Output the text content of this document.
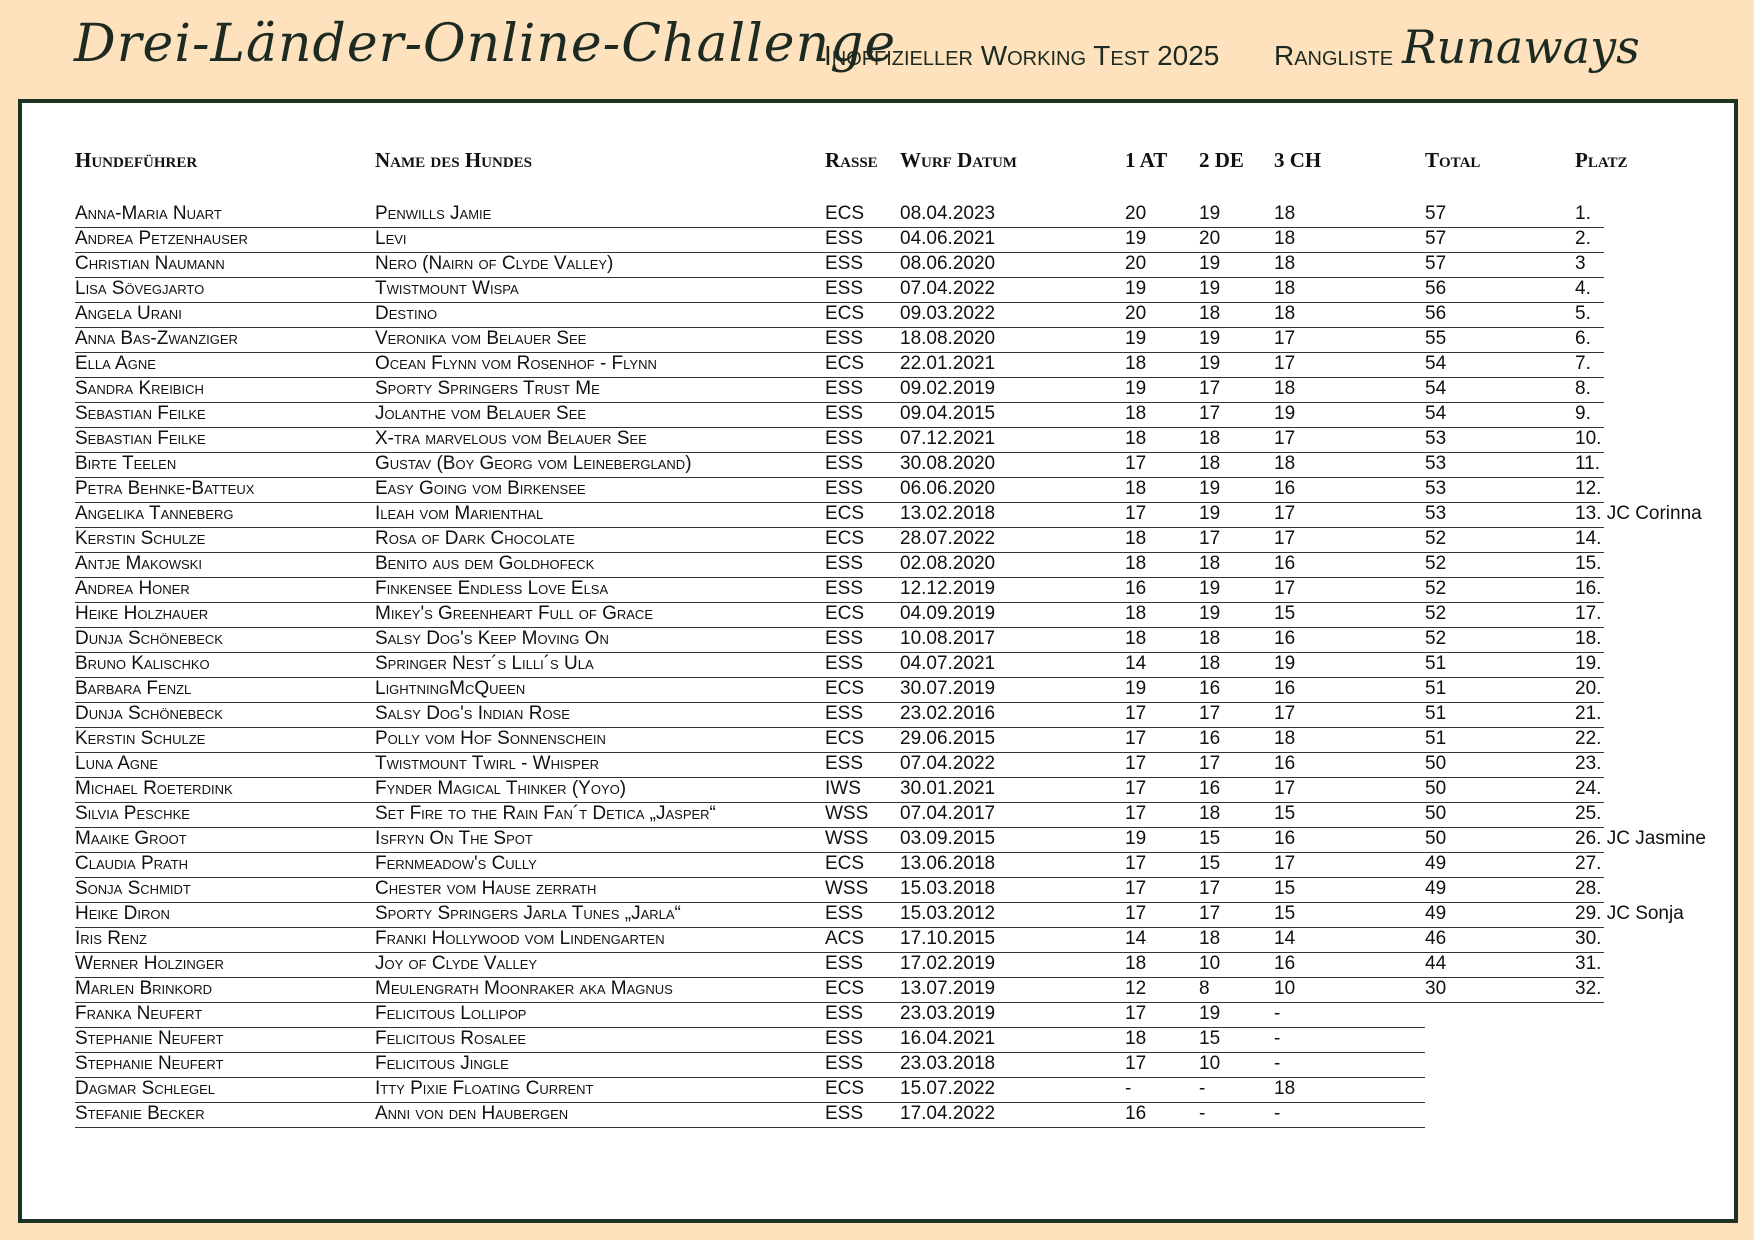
Drei-Länder-Online-Challenge
Inoffizieller Working Test 2025 Rangliste Runaways
Hundeführer	Name des Hundes	Rasse Wurf Datum	1 AT 2 DE 3 CH	Total	Platz
Anna-Maria Nuart	Penwills Jamie	ECS 08.04.2023	20	19	18	57	1.
Andrea Petzenhauser	Levi	ESS 04.06.2021	19	20	18	57	2.
Christian Naumann	Nero (Nairn of Clyde Valley)	ESS 08.06.2020	20	19	18	57	3
Lisa Sövegjarto	Twistmount Wispa	ESS 07.04.2022	19	19	18	56	4.
Angela Urani	Destino	ECS 09.03.2022	20	18	18	56	5.
Anna Bas-Zwanziger	Veronika vom Belauer See	ESS 18.08.2020	19	19	17	55	6.
Ella Agne	Ocean Flynn vom Rosenhof - Flynn	ECS 22.01.2021	18	19	17	54	7.
Sandra Kreibich	Sporty Springers Trust Me	ESS 09.02.2019	19	17	18	54	8.
Sebastian Feilke	Jolanthe vom Belauer See	ESS 09.04.2015	18	17	19	54	9.
Sebastian Feilke	X-tra marvelous vom Belauer See	ESS 07.12.2021	18	18	17	53	10.
Birte Teelen	Gustav (Boy Georg vom Leinebergland)	ESS 30.08.2020	17	18	18	53	11.
Petra Behnke-Batteux	Easy Going vom Birkensee	ESS 06.06.2020	18	19	16	53	12.
Angelika Tanneberg	Ileah vom Marienthal	ECS 13.02.2018	17	19	17	53	13. JC Corinna
Kerstin Schulze	Rosa of Dark Chocolate	ECS 28.07.2022	18	17	17	52	14.
Antje Makowski	Benito aus dem Goldhofeck	ESS 02.08.2020	18	18	16	52	15.
Andrea Honer	Finkensee Endless Love Elsa	ESS 12.12.2019	16	19	17	52	16.
Heike Holzhauer	Mikey's Greenheart Full of Grace	ECS 04.09.2019	18	19	15	52	17.
Dunja Schönebeck	Salsy Dog's Keep Moving On	ESS 10.08.2017	18	18	16	52	18.
Bruno Kalischko	Springer Nest´s Lilli´s Ula	ESS 04.07.2021	14	18	19	51	19.
Barbara Fenzl	LightningMcQueen	ECS 30.07.2019	19	16	16	51	20.
Dunja Schönebeck	Salsy Dog's Indian Rose	ESS 23.02.2016	17	17	17	51	21.
Kerstin Schulze	Polly vom Hof Sonnenschein	ECS 29.06.2015	17	16	18	51	22.
Luna Agne	Twistmount Twirl - Whisper	ESS 07.04.2022	17	17	16	50	23.
Michael Roeterdink	Fynder Magical Thinker (Yoyo)	IWS 30.01.2021	17	16	17	50	24.
Silvia Peschke	Set Fire to the Rain Fan´t Detica „Jasper“	WSS 07.04.2017	17	18	15	50	25.
Maaike Groot	Isfryn On The Spot	WSS 03.09.2015	19	15	16	50	26. JC Jasmine
Claudia Prath	Fernmeadow's Cully	ECS 13.06.2018	17	15	17	49	27.
Sonja Schmidt	Chester vom Hause zerrath	WSS 15.03.2018	17	17	15	49	28.
Heike Diron	Sporty Springers Jarla Tunes „Jarla“	ESS 15.03.2012	17	17	15	49	29. JC Sonja
Iris Renz	Franki Hollywood vom Lindengarten	ACS 17.10.2015	14	18	14	46	30.
Werner Holzinger	Joy of Clyde Valley	ESS 17.02.2019	18	10	16	44	31.
Marlen Brinkord	Meulengrath Moonraker aka Magnus	ECS 13.07.2019	12	8	10	30	32.
Franka Neufert	Felicitous Lollipop	ESS 23.03.2019	17	19	-
Stephanie Neufert	Felicitous Rosalee	ESS 16.04.2021	18	15	-
Stephanie Neufert	Felicitous Jingle	ESS 23.03.2018	17	10	-
Dagmar Schlegel	Itty Pixie Floating Current	ECS 15.07.2022	-	-	18
Stefanie Becker	Anni von den Haubergen	ESS 17.04.2022	16	-	-
